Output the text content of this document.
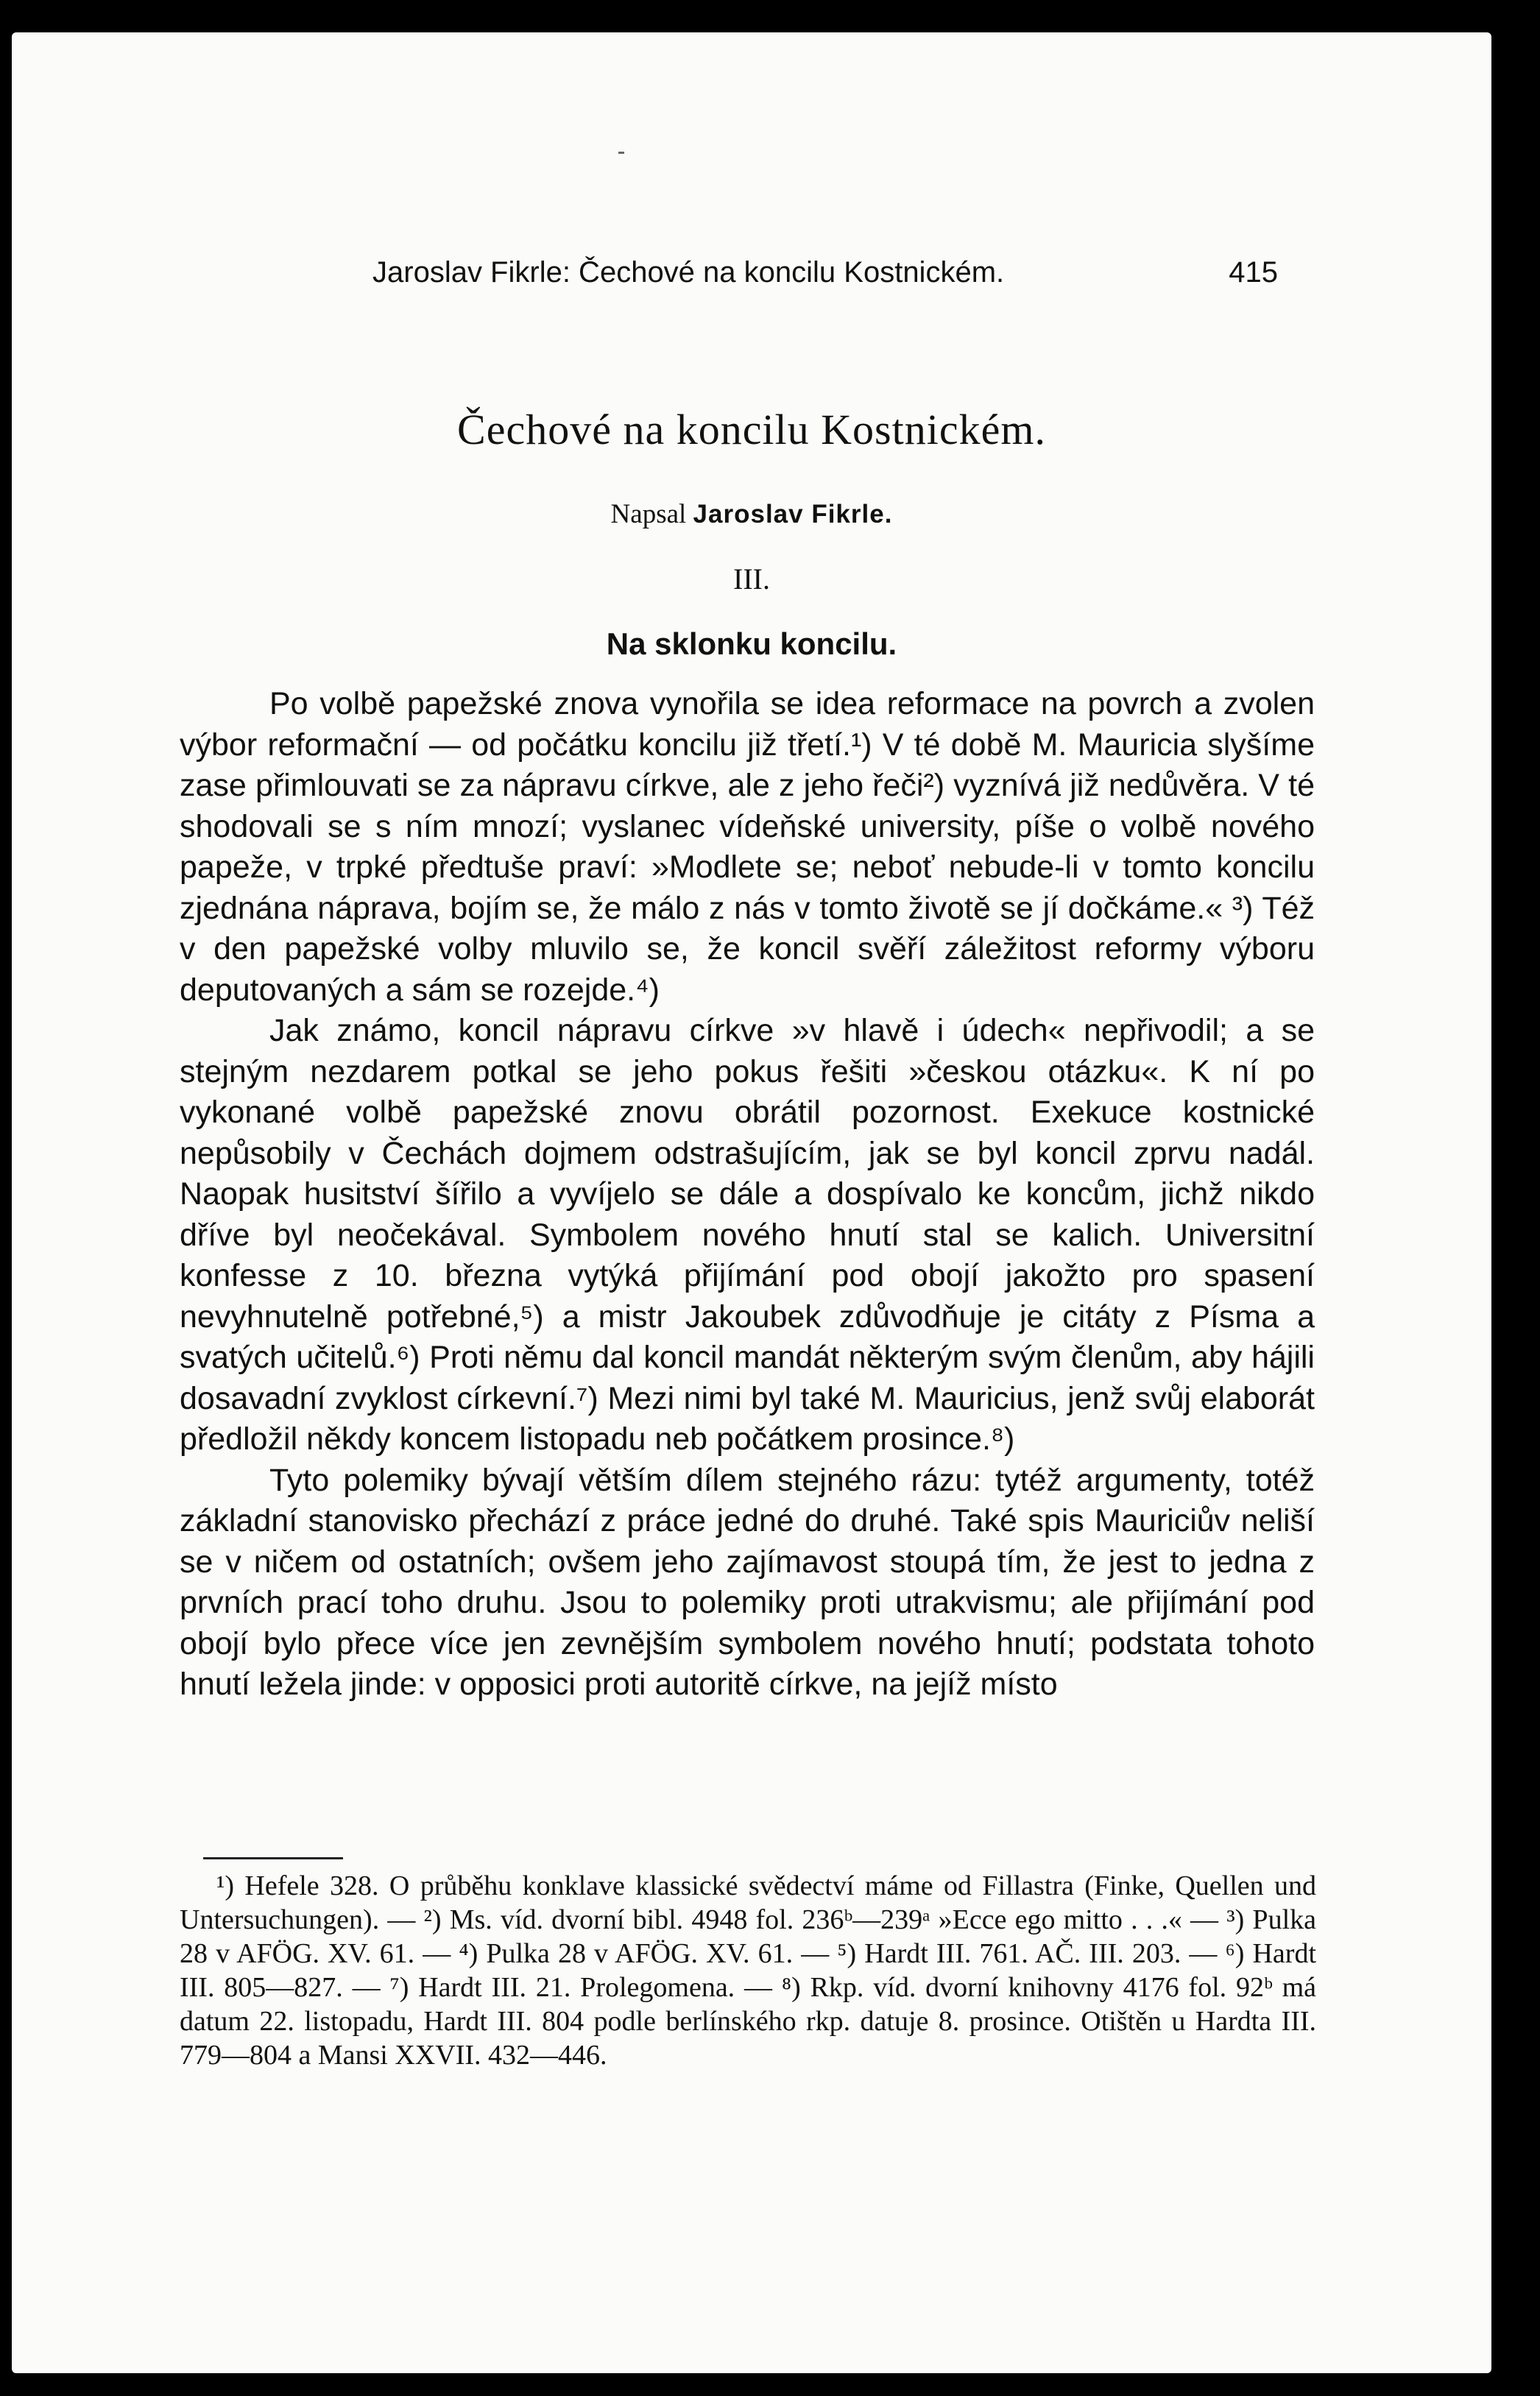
Jaroslav Fikrle: Čechové na koncilu Kostnickém.	415
Čechové na koncilu Kostnickém.
Napsal Jaroslav Fikrle.
III.
Na sklonku koncilu.

Po volbě papežské znova vynořila se idea reformace na povrch a zvolen výbor reformační — od počátku koncilu již třetí.¹) V té době M. Mauricia slyšíme zase přimlouvati se za nápravu církve, ale z jeho řeči²) vyznívá již nedůvěra. V té shodovali se s ním mnozí; vyslanec vídeňské university, píše o volbě nového papeže, v trpké předtuše praví: »Modlete se; neboť nebude-li v tomto koncilu zjednána náprava, bojím se, že málo z nás v tomto životě se jí dočkáme.« ³) Též v den papežské volby mluvilo se, že koncil svěří záležitost reformy výboru deputovaných a sám se rozejde.⁴)

Jak známo, koncil nápravu církve »v hlavě i údech« nepřivodil; a se stejným nezdarem potkal se jeho pokus řešiti »českou otázku«. K ní po vykonané volbě papežské znovu obrátil pozornost. Exekuce kostnické nepůsobily v Čechách dojmem odstrašujícím, jak se byl koncil zprvu nadál. Naopak husitství šířilo a vyvíjelo se dále a dospívalo ke koncům, jichž nikdo dříve byl neočekával. Symbolem nového hnutí stal se kalich. Universitní konfesse z 10. března vytýká přijímání pod obojí jakožto pro spasení nevyhnutelně potřebné,⁵) a mistr Jakoubek zdůvodňuje je citáty z Písma a svatých učitelů.⁶) Proti němu dal koncil mandát některým svým členům, aby hájili dosavadní zvyklost církevní.⁷) Mezi nimi byl také M. Mauricius, jenž svůj elaborát předložil někdy koncem listopadu neb počátkem prosince.⁸)

Tyto polemiky bývají větším dílem stejného rázu: tytéž argumenty, totéž základní stanovisko přechází z práce jedné do druhé. Také spis Mauriciův neliší se v ničem od ostatních; ovšem jeho zajímavost stoupá tím, že jest to jedna z prvních prací toho druhu. Jsou to polemiky proti utrakvismu; ale přijímání pod obojí bylo přece více jen zevnějším symbolem nového hnutí; podstata tohoto hnutí ležela jinde: v opposici proti autoritě církve, na jejíž místo

¹) Hefele 328. O průběhu konklave klassické svědectví máme od Fillastra (Finke, Quellen und Untersuchungen). — ²) Ms. víd. dvorní bibl. 4948 fol. 236ᵇ—239ᵃ »Ecce ego mitto . . .« — ³) Pulka 28 v AFÖG. XV. 61. — ⁴) Pulka 28 v AFÖG. XV. 61. — ⁵) Hardt III. 761. AČ. III. 203. — ⁶) Hardt III. 805—827. — ⁷) Hardt III. 21. Prolegomena. — ⁸) Rkp. víd. dvorní knihovny 4176 fol. 92ᵇ má datum 22. listopadu, Hardt III. 804 podle berlínského rkp. datuje 8. prosince. Otištěn u Hardta III. 779—804 a Mansi XXVII. 432—446.
